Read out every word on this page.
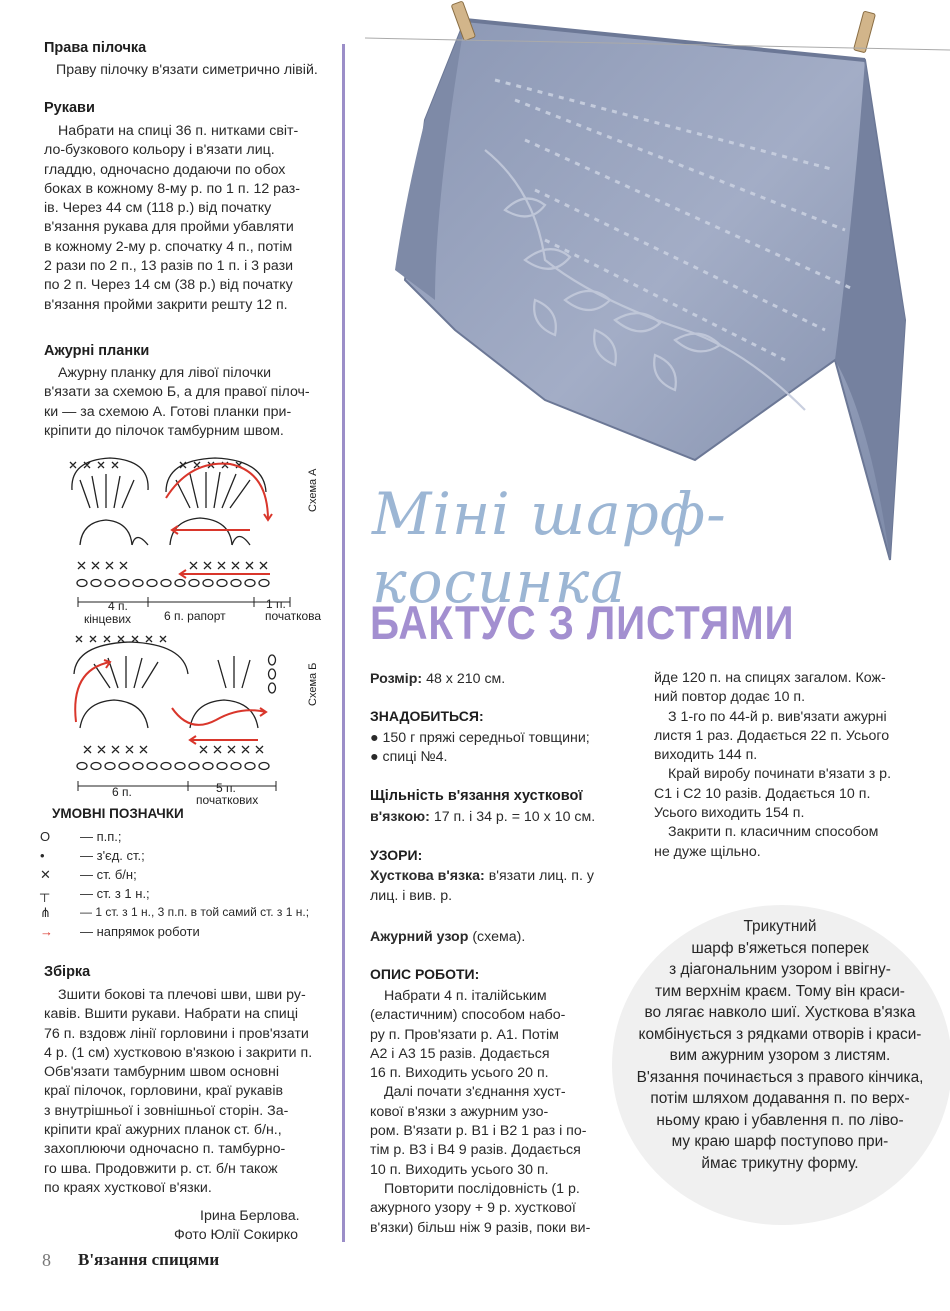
Права пілочка
Праву пілочку в'язати симетрично лівій.
Рукави
Набрати на спиці 36 п. нитками світ-
ло-бузкового кольору і в'язати лиц.
гладдю, одночасно додаючи по обох
боках в кожному 8-му р. по 1 п. 12 раз-
ів. Через 44 см (118 р.) від початку
в'язання рукава для пройми убавляти
в кожному 2-му р. спочатку 4 п., потім
2 рази по 2 п., 13 разів по 1 п. і 3 рази
по 2 п. Через 14 см (38 р.) від початку
в'язання пройми закрити решту 12 п.
Ажурні планки
Ажурну планку для лівої пілочки
в'язати за схемою Б, а для правої пілоч-
ки — за схемою А. Готові планки при-
кріпити до пілочок тамбурним швом.
4 п.
кінцевих	6 п. рапорт
1 п.
початкова
Схема А
6 п.	5 п.
початкових
Схема Б
УМОВНІ ПОЗНАЧКИ
O	— п.п.;
•	— з'єд. ст.;
✕	— ст. б/н;
┬	— ст. з 1 н.;
⋔	— 1 ст. з 1 н., 3 п.п. в той самий ст. з 1 н.;
→	— напрямок роботи
Збірка
Зшити бокові та плечові шви, шви ру-
кавів. Вшити рукави. Набрати на спиці
76 п. вздовж лінії горловини і пров'язати
4 р. (1 см) хустковою в'язкою і закрити п.
Обв'язати тамбурним швом основні
краї пілочок, горловини, краї рукавів
з внутрішньої і зовнішньої сторін. За-
кріпити краї ажурних планок ст. б/н.,
захоплюючи одночасно п. тамбурно-
го шва. Продовжити р. ст. б/н також
по краях хусткової в'язки.
Ірина Берлова.
Фото Юлії Сокирко
Міні шарф-косинка
БАКТУС З ЛИСТЯМИ
Розмір: 48 х 210 см.
ЗНАДОБИТЬСЯ:
● 150 г пряжі середньої товщини;
● спиці №4.
Щільність в'язання хусткової
в'язкою: 17 п. і 34 р. = 10 х 10 см.
УЗОРИ:
Хусткова в'язка: в'язати лиц. п. у
лиц. і вив. р.
Ажурний узор (схема).
ОПИС РОБОТИ:
Набрати 4 п. італійським
(еластичним) способом набо-
ру п. Пров'язати р. А1. Потім
А2 і А3 15 разів. Додається
16 п. Виходить усього 20 п.
Далі почати з'єднання хуст-
кової в'язки з ажурним узо-
ром. В'язати р. В1 і В2 1 раз і по-
тім р. В3 і В4 9 разів. Додається
10 п. Виходить усього 30 п.
Повторити послідовність (1 р.
ажурного узору + 9 р. хусткової
в'язки) більш ніж 9 разів, поки ви-
йде 120 п. на спицях загалом. Кож-
ний повтор додає 10 п.
З 1-го по 44-й р. вив'язати ажурні
листя 1 раз. Додається 22 п. Усього
виходить 144 п.
Край виробу починати в'язати з р.
С1 і С2 10 разів. Додається 10 п.
Усього виходить 154 п.
Закрити п. класичним способом
не дуже щільно.
Трикутний
шарф в'яжеться поперек
з діагональним узором і ввігну-
тим верхнім краєм. Тому він краси-
во лягає навколо шиї. Хусткова в'язка
комбінується з рядками отворів і краси-
вим ажурним узором з листям.
В'язання починається з правого кінчика,
потім шляхом додавання п. по верх-
ньому краю і убавлення п. по ліво-
му краю шарф поступово при-
ймає трикутну форму.
8 В'язання спицями
